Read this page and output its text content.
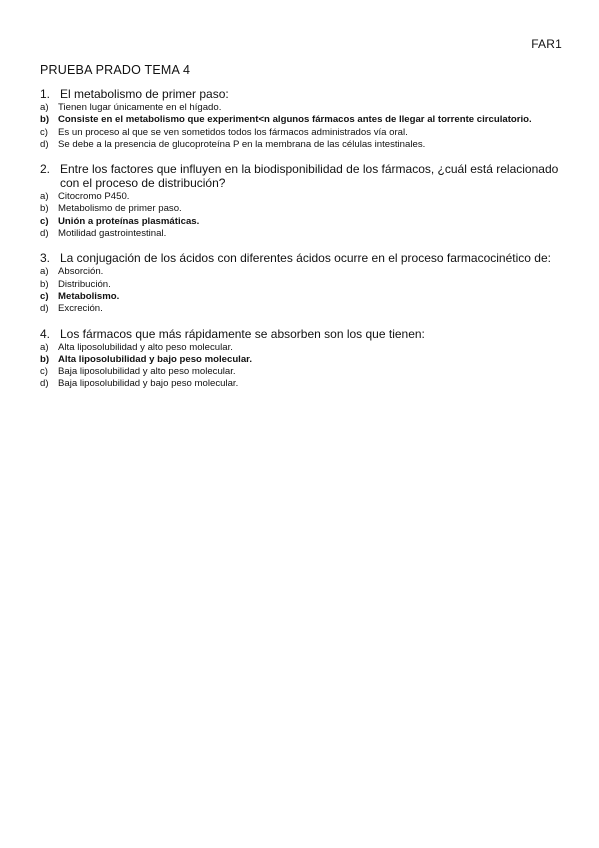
FAR1
PRUEBA PRADO TEMA 4
1. El metabolismo de primer paso:
a) Tienen lugar únicamente en el hígado.
b) Consiste en el metabolismo que experiment<n algunos fármacos antes de llegar al torrente circulatorio.
c)	Es un proceso al que se ven sometidos todos los fármacos administrados vía oral.
d) Se debe a la presencia de glucoproteína P en la membrana de las células intestinales.
2. Entre los factores que influyen en la biodisponibilidad de los fármacos, ¿cuál está relacionado con el proceso de distribución?
a) Citocromo P450.
b) Metabolismo de primer paso.
c) Unión a proteínas plasmáticas.
d) Motilidad gastrointestinal.
3. La conjugación de los ácidos con diferentes ácidos ocurre en el proceso farmacocinético de:
a) Absorción.
b) Distribución.
c) Metabolismo.
d) Excreción.
4. Los fármacos que más rápidamente se absorben son los que tienen:
a) Alta liposolubilidad y alto peso molecular.
b) Alta liposolubilidad y bajo peso molecular.
c)	Baja liposolubilidad y alto peso molecular.
d) Baja liposolubilidad y bajo peso molecular.
